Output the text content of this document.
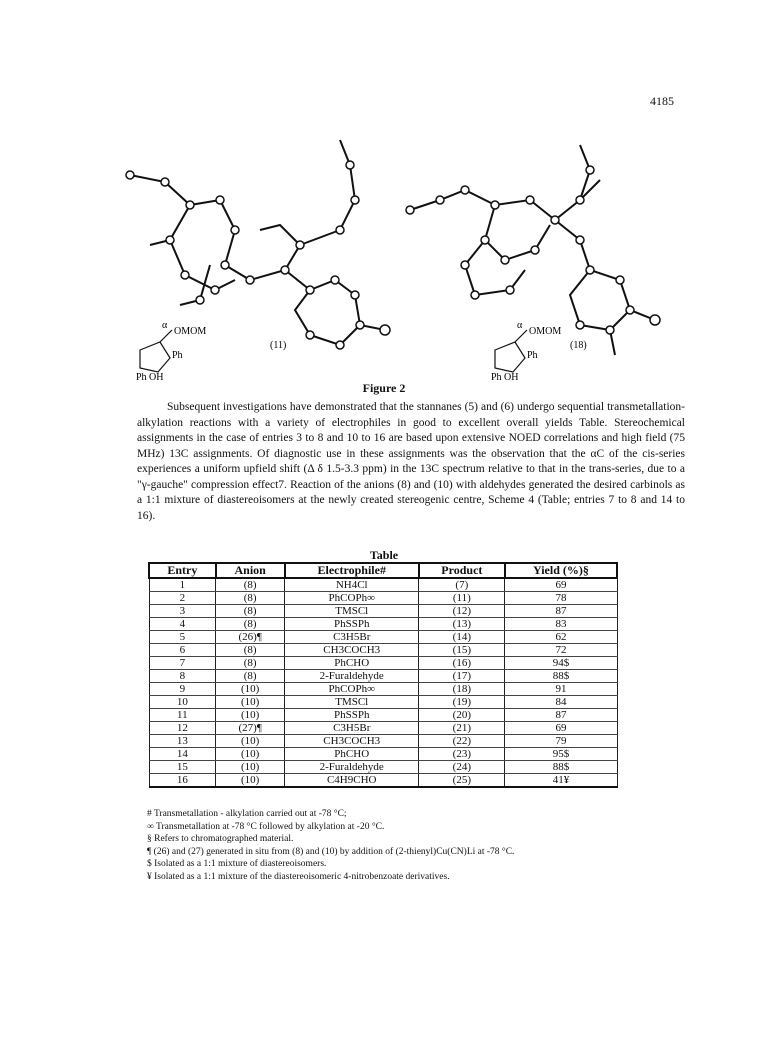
4185
α
OMOM
Ph
Ph OH
(11)
α
OMOM
Ph
Ph OH
(18)
Figure 2

Subsequent investigations have demonstrated that the stannanes (5) and (6) undergo sequential transmetallation-alkylation reactions with a variety of electrophiles in good to excellent overall yields Table. Stereochemical assignments in the case of entries 3 to 8 and 10 to 16 are based upon extensive NOED correlations and high field (75 MHz) 13C assignments. Of diagnostic use in these assignments was the observation that the αC of the cis-series experiences a uniform upfield shift (Δ δ 1.5-3.3 ppm) in the 13C spectrum relative to that in the trans-series, due to a "γ-gauche" compression effect7. Reaction of the anions (8) and (10) with aldehydes generated the desired carbinols as a 1:1 mixture of diastereoisomers at the newly created stereogenic centre, Scheme 4 (Table; entries 7 to 8 and 14 to 16).

Table
Entry	Anion	Electrophile#	Product	Yield (%)§
1	(8)	NH4Cl	(7)	69
2	(8)	PhCOPh∞	(11)	78
3	(8)	TMSCl	(12)	87
4	(8)	PhSSPh	(13)	83
5	(26)¶	C3H5Br	(14)	62
6	(8)	CH3COCH3	(15)	72
7	(8)	PhCHO	(16)	94$
8	(8)	2-Furaldehyde	(17)	88$
9	(10)	PhCOPh∞	(18)	91
10	(10)	TMSCl	(19)	84
11	(10)	PhSSPh	(20)	87
12	(27)¶	C3H5Br	(21)	69
13	(10)	CH3COCH3	(22)	79
14	(10)	PhCHO	(23)	95$
15	(10)	2-Furaldehyde	(24)	88$
16	(10)	C4H9CHO	(25)	41¥
# Transmetallation - alkylation carried out at -78 °C;
∞ Transmetallation at -78 °C followed by alkylation at -20 °C.
§ Refers to chromatographed material.
¶ (26) and (27) generated in situ from (8) and (10) by addition of (2-thienyl)Cu(CN)Li at -78 °C.
$ Isolated as a 1:1 mixture of diastereoisomers.
¥ Isolated as a 1:1 mixture of the diastereoisomeric 4-nitrobenzoate derivatives.
